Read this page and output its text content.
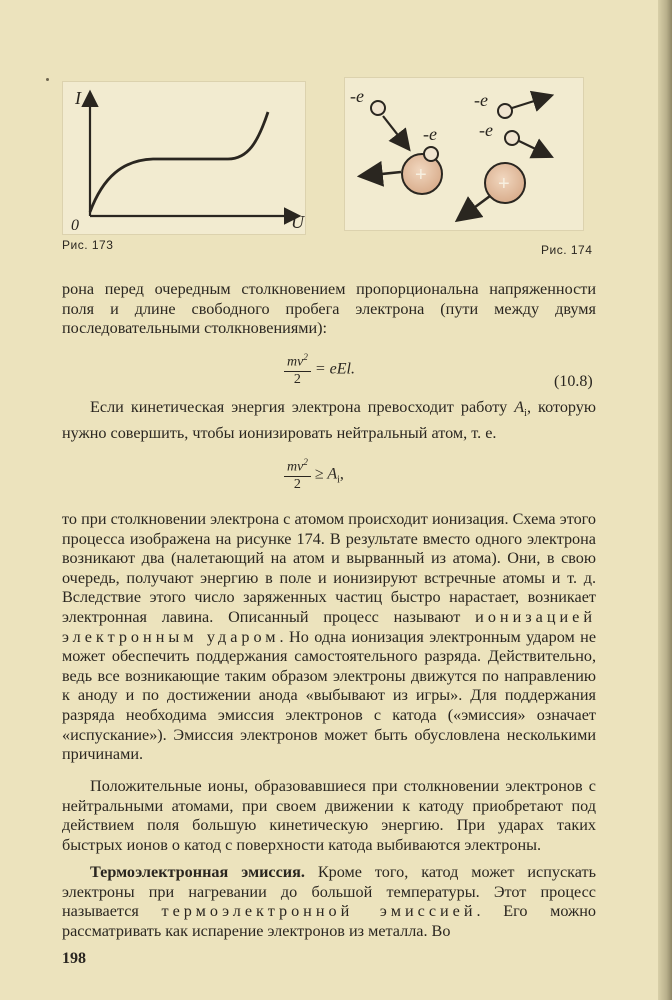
I
U
0
Рис. 173
-e
+
-e
-e
-e
+
Рис. 174

рона перед очередным столкновением пропорциональна напряженности поля и длине свободного пробега электрона (пути между двумя последовательными столкновениями):

$\frac{mv^2}{2}$ = eEl.
(10.8)

Если кинетическая энергия электрона превосходит работу $A_i$, которую нужно совершить, чтобы ионизировать нейтральный атом, т. е.

$\frac{mv^2}{2} \ge A_i$,

то при столкновении электрона с атомом происходит ионизация. Схема этого процесса изображена на рисунке 174. В результате вместо одного электрона возникают два (налетающий на атом и вырванный из атома). Они, в свою очередь, получают энергию в поле и ионизируют встречные атомы и т. д. Вследствие этого число заряженных частиц быстро нарастает, возникает электронная лавина. Описанный процесс называют ионизацией электронным ударом. Но одна ионизация электронным ударом не может обеспечить поддержания самостоятельного разряда. Действительно, ведь все возникающие таким образом электроны движутся по направлению к аноду и по достижении анода «выбывают из игры». Для поддержания разряда необходима эмиссия электронов с катода («эмиссия» означает «испускание»). Эмиссия электронов может быть обусловлена несколькими причинами.

Положительные ионы, образовавшиеся при столкновении электронов с нейтральными атомами, при своем движении к катоду приобретают под действием поля большую кинетическую энергию. При ударах таких быстрых ионов о катод с поверхности катода выбиваются электроны.

Термоэлектронная эмиссия. Кроме того, катод может испускать электроны при нагревании до большой температуры. Этот процесс называется термоэлектронной эмиссией. Его можно рассматривать как испарение электронов из металла. Во

198
